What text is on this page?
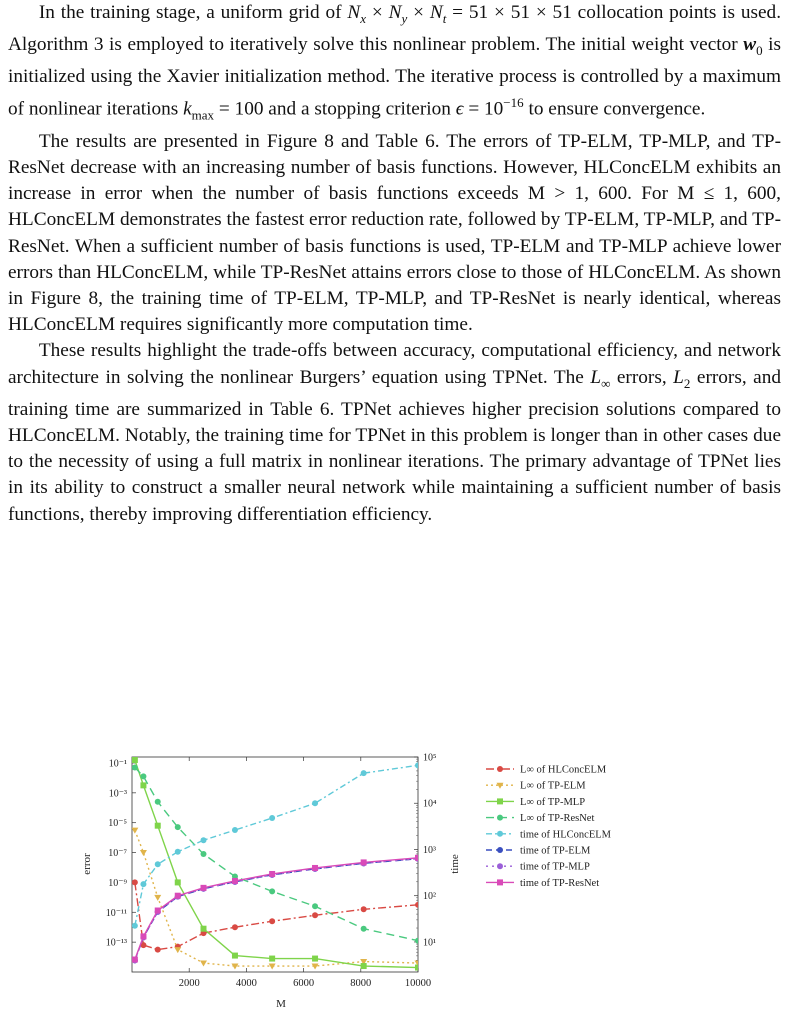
In the training stage, a uniform grid of $N_x \times N_y \times N_t = 51 \times 51 \times 51$ collocation points is used. Algorithm 3 is employed to iteratively solve this nonlinear problem. The initial weight vector $w_0$ is initialized using the Xavier initialization method. The iterative process is controlled by a maximum of nonlinear iterations $k_{max} = 100$ and a stopping criterion $\epsilon = 10^{-16}$ to ensure convergence.

The results are presented in Figure 8 and Table 6. The errors of TP-ELM, TP-MLP, and TP-ResNet decrease with an increasing number of basis functions. However, HLConcELM exhibits an increase in error when the number of basis functions exceeds M > 1, 600. For M ≤ 1, 600, HLConcELM demonstrates the fastest error reduction rate, followed by TP-ELM, TP-MLP, and TP-ResNet. When a sufficient number of basis functions is used, TP-ELM and TP-MLP achieve lower errors than HLConcELM, while TP-ResNet attains errors close to those of HLConcELM. As shown in Figure 8, the training time of TP-ELM, TP-MLP, and TP-ResNet is nearly identical, whereas HLConcELM requires significantly more computation time.

These results highlight the trade-offs between accuracy, computational efficiency, and network architecture in solving the nonlinear Burgers’ equation using TPNet. The $L_\infty$ errors, $L_2$ errors, and training time are summarized in Table 6. TPNet achieves higher precision solutions compared to HLConcELM. Notably, the training time for TPNet in this problem is longer than in other cases due to the necessity of using a full matrix in nonlinear iterations. The primary advantage of TPNet lies in its ability to construct a smaller neural network while maintaining a sufficient number of basis functions, thereby improving differentiation efficiency.

2000	4000	6000	8000	10000
10⁻¹
10⁻³
10⁻⁵
10⁻⁷
10⁻⁹
10⁻¹¹
10⁻¹³
10⁵
10⁴
10³
10²
10¹
M
error	time
L∞ of HLConcELM
L∞ of TP-ELM
L∞ of TP-MLP
L∞ of TP-ResNet
time of HLConcELM
time of TP-ELM
time of TP-MLP
time of TP-ResNet
